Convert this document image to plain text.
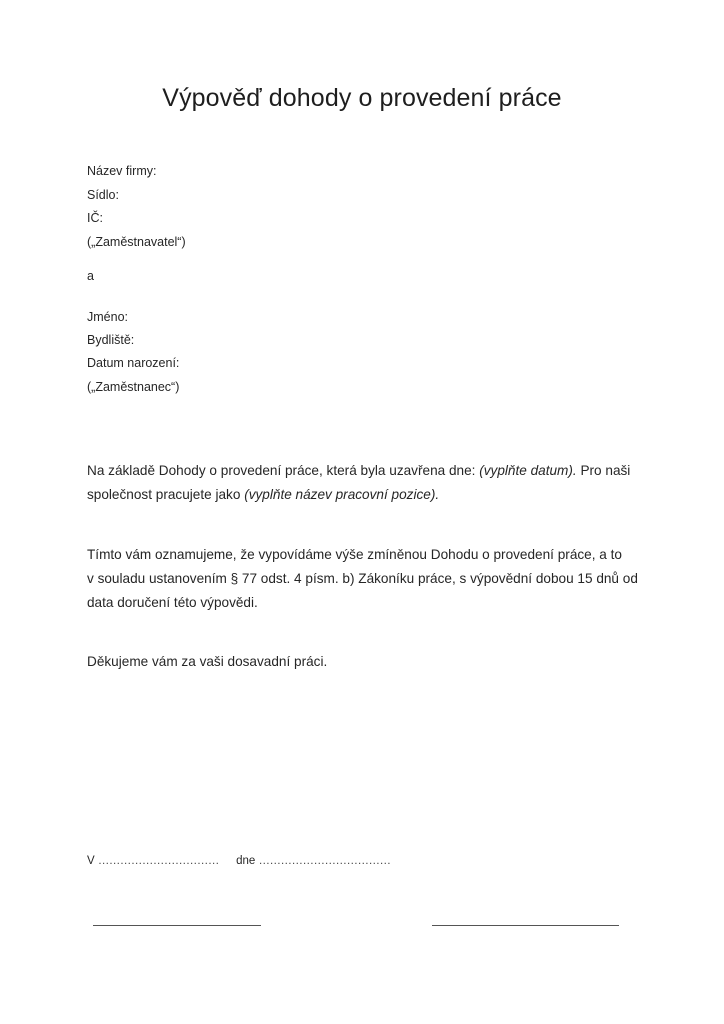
Výpověď dohody o provedení práce
Název firmy:
Sídlo:
IČ:
(„Zaměstnavatel“)
a
Jméno:
Bydliště:
Datum narození:
(„Zaměstnanec“)
Na základě Dohody o provedení práce, která byla uzavřena dne: (vyplňte datum). Pro naši
společnost pracujete jako (vyplňte název pracovní pozice).
Tímto vám oznamujeme, že vypovídáme výše zmíněnou Dohodu o provedení práce, a to
v souladu ustanovením § 77 odst. 4 písm. b) Zákoníku práce, s výpovědní dobou 15 dnů od
data doručení této výpovědi.
Děkujeme vám za vaši dosavadní práci.
V …………………………… dne ………………………………
